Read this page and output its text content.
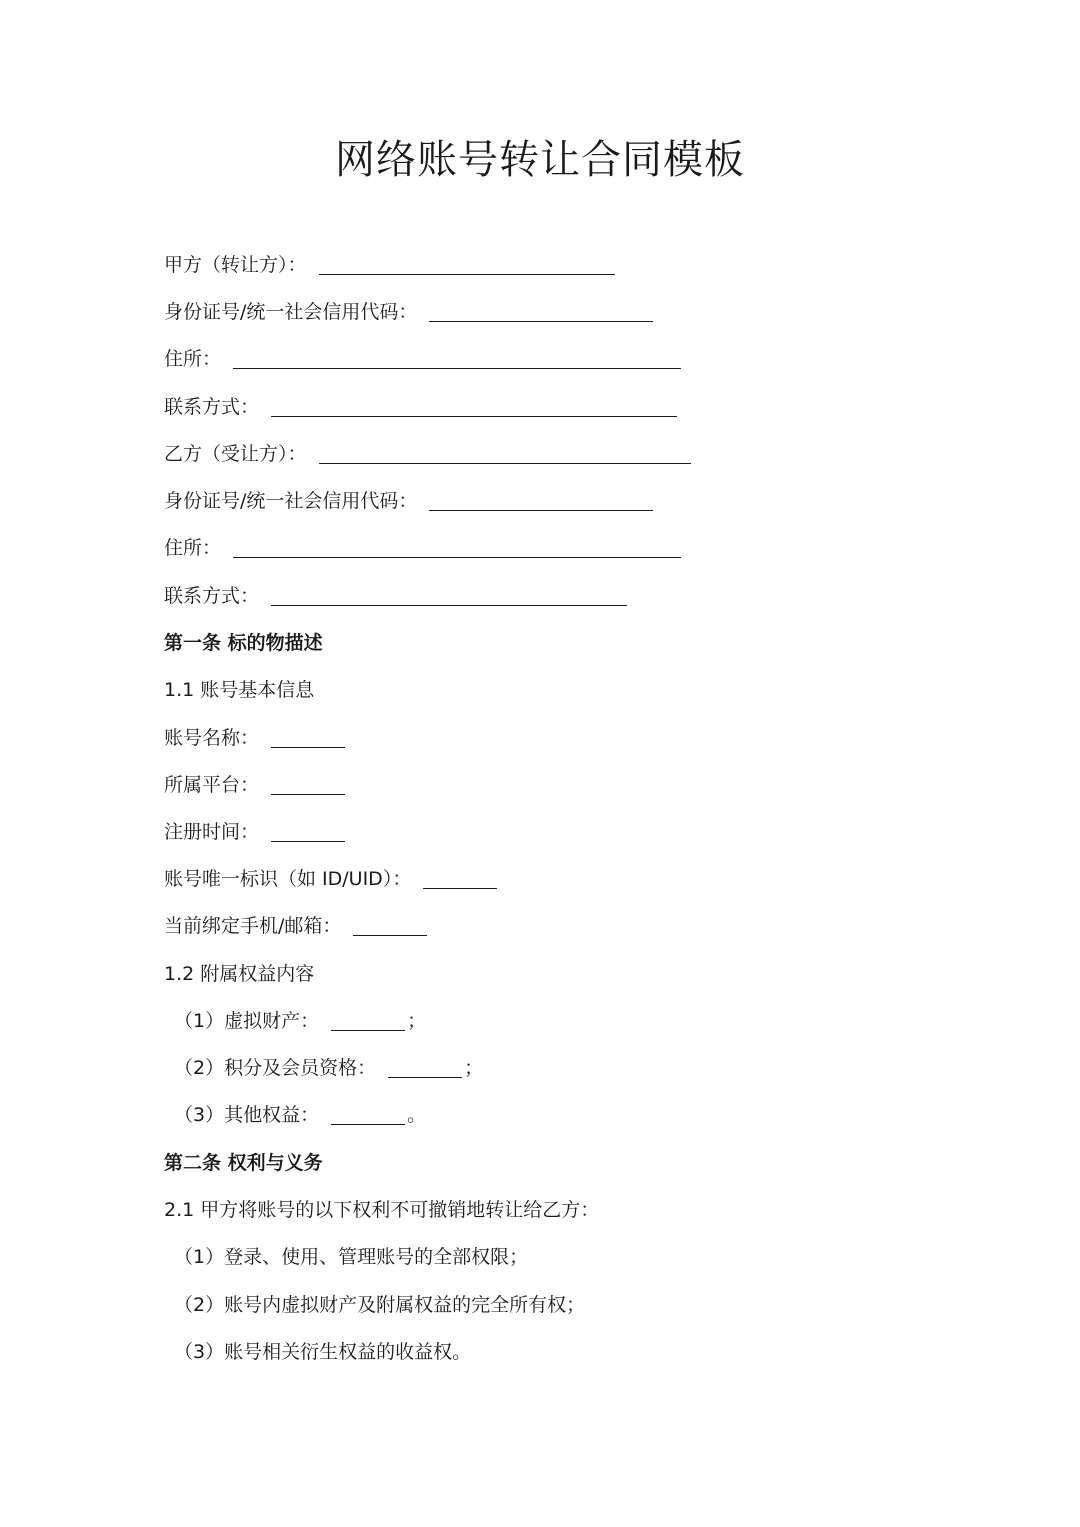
网络账号转让合同模板
甲方（转让方）：
身份证号/统一社会信用代码：
住所：
联系方式：
乙方（受让方）：
身份证号/统一社会信用代码：
住所：
联系方式：
第一条 标的物描述
1.1 账号基本信息
账号名称：
所属平台：
注册时间：
账号唯一标识（如 ID/UID）：
当前绑定手机/邮箱：
1.2 附属权益内容
（1）虚拟财产：	；
（2）积分及会员资格：	；
（3）其他权益：	。
第二条 权利与义务
2.1 甲方将账号的以下权利不可撤销地转让给乙方：
（1）登录、使用、管理账号的全部权限；
（2）账号内虚拟财产及附属权益的完全所有权；
（3）账号相关衍生权益的收益权。
